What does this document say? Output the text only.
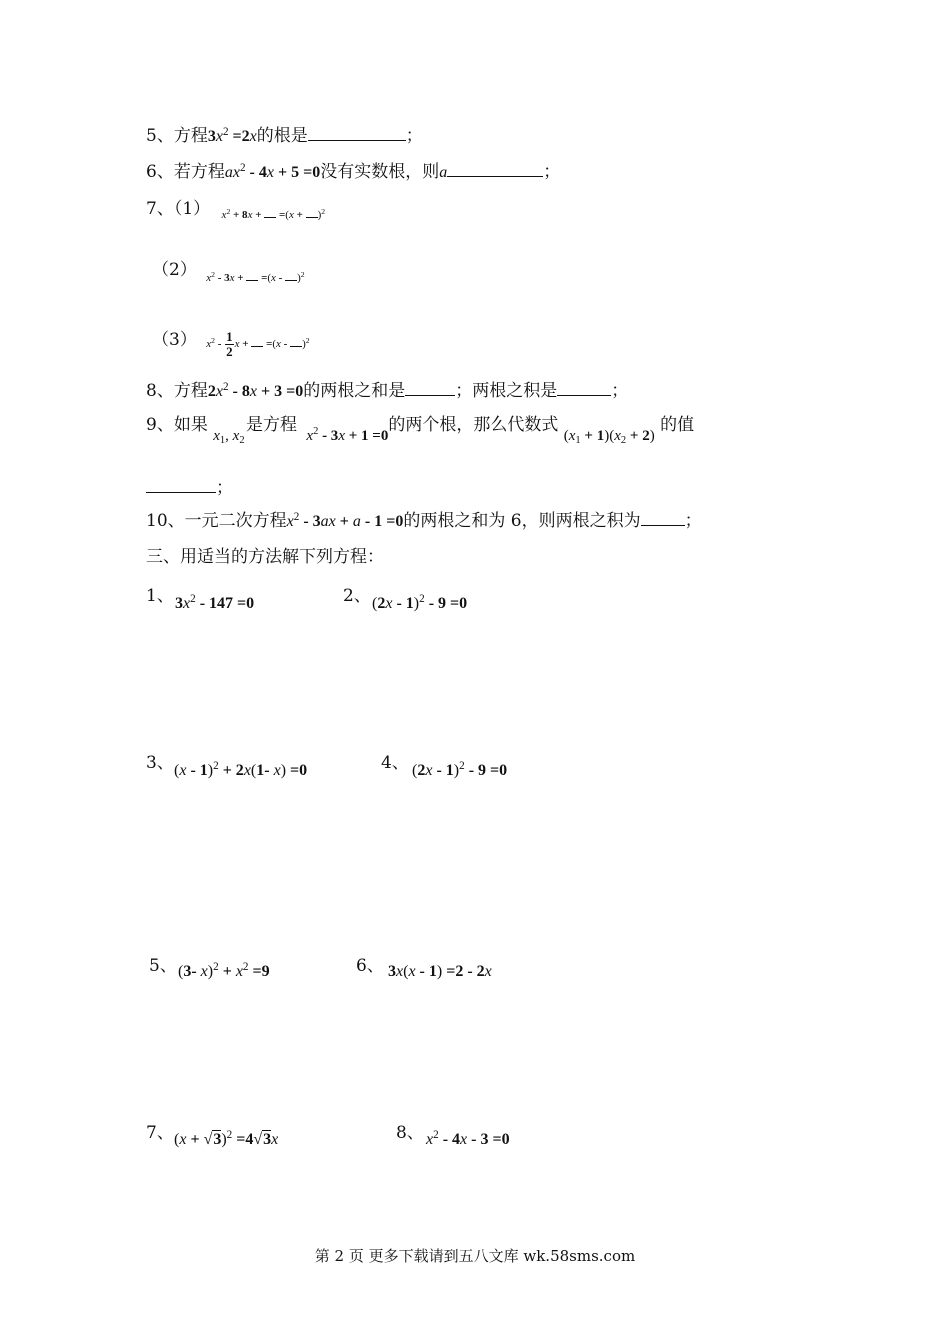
5、方程$3x^2 =2x$的根是	；
6、若方程$ax^2 - 4x + 5 =0$没有实数根，则a	；
7、（1） $_{x^2 + 8x + =(x + )^2}$
（2） $_{x^2 - 3x + =(x - )^2}$
（3） $x^2 - \frac{1}{2}$ x + =(x - )$^2$
8、方程$2x^2 - 8x + 3 =0$的两根之和是	；两根之积是	；
9、如果 $x_1$, $x_2$ 是方程 $x^2 - 3x + 1 =0$的两个根，那么代数式 $(x_1 + 1)(x_2 + 2)$ 的值
；
10、一元二次方程$x^2 - 3ax + a - 1 =0$的两根之和为 6，则两根之积为	；
三、用适当的方法解下列方程：
1、 $3x^2 - 147 =0$	2、 (2x - 1)$^2$ - 9 =0
3、 (x - 1)$^2$ + 2x(1- x) =0	4、 (2x - 1)$^2$ - 9 =0
5、 (3- $x)^2 + x^2 =9$	6、 3x(x - 1) =2 - 2x
7、 $(x + √3)^2 =4√3x$	8、 $x^2 - 4x - 3 =0$
第 2 页 更多下载请到五八文库 wk.58sms.com
